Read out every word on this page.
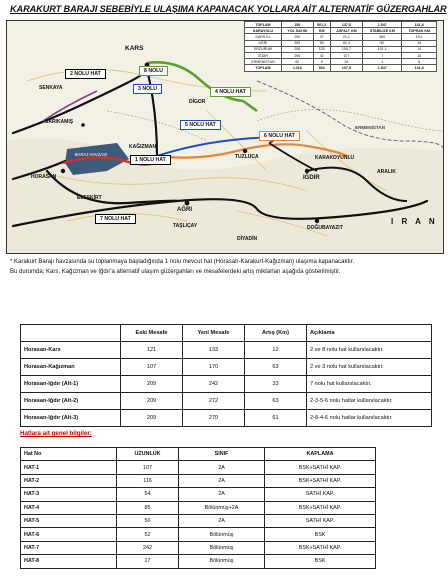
KARAKURT BARAJI SEBEBİYLE ULAŞIMA KAPANACAK YOLLARA AİT ALTERNATİF GÜZERGAHLAR
2 NOLU HAT	8 NOLU
3 NOLU	4 NOLU HAT
5 NOLU HAT
6 NOLU HAT
1 NOLU HAT
7 NOLU HAT
BARAJ HAVZASI
KARS
SARIKAMIŞ
HORASAN
KAĞIZMAN
TUZLUCA
IĞDIR
ARALIK
KARAKOYUNLU
DOĞUBAYAZIT
AĞRI
ELEŞKİRT
TAŞLIÇAY
DİYADİN
DİGOR
SENKAYA
ERMENİSTAN
I R A N
TOPLAM	150	501,2	137,5	1.547	141,8
KARAYOLU	YOL SAYISI	KM	ASFALT KM	STABİLİZE KM	TOPRAK KM
KARS İLİ	290	37	21,1	360	19,1
AĞRI	305	59	82,4	50	16
ERZURUM	208	125	105,7	101,1	14
IĞDIR	290	42	127	7	10
ERMENİSTAN	62	9	26	1	6
TOPLAM	1.013	534	137,5	1.547	141,8
* Karakurt Barajı havzasında su toplanmaya başladığında 1 nolu mevcut hat (Horasan-Karakurt-Kağızman) ulaşıma kapanacaktır.
Bu durumda; Kars, Kağızman ve Iğdır'a alternatif ulaşım güzergahları ve mesafelerdeki artış miktarları aşağıda gösterilmiştir.
	Eski Mesafe	Yeni Mesafe	Artış (Km)	Açıklama
Horasan-Kars	121	133	12	2 ve 8 nolu hat kullanılacaktır.
Horasan-Kağızman	107	170	63	2 ve 3 nolu hat kullanılacaktır.
Horasan-Iğdır (Alt-1)	209	242	33	7 nolu hat kullanılacaktır.
Horasan-Iğdır (Alt-2)	209	272	63	2-3-5-6 nolu hatlar kullanılacaktır.
Horasan-Iğdır (Alt-3)	209	270	61	2-8-4-6 nolu hatlar kullanılacaktır.
Hatlara ait genel bilgiler:
Hat No	UZUNLUK	SINIF	KAPLAMA
HAT-1	107	2A	BSK+SATHİ KAP.
HAT-2	116	2A	BSK+SATHİ KAP.
HAT-3	54	2A	SATHİ KAP.
HAT-4	85	Bölünmüş+2A	BSK+SATHİ KAP.
HAT-5	50	2A	SATHİ KAP.
HAT-6	52	Bölünmüş	BSK
HAT-7	242	Bölünmüş	BSK+SATHİ KAP.
HAT-8	17	Bölünmüş	BSK
